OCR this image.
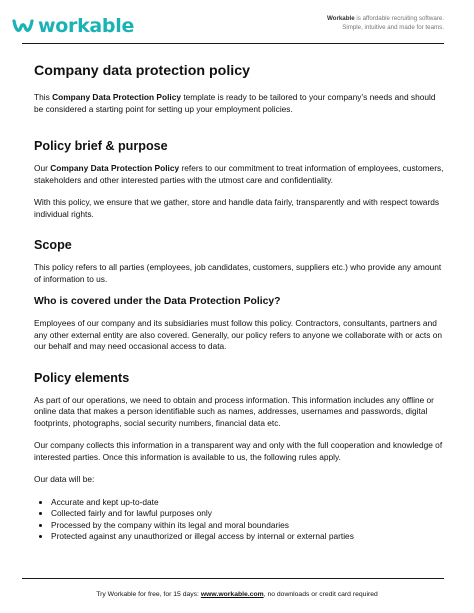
workable	Workable is affordable recruiting software.
Simple, intuitive and made for teams.
Company data protection policy

This Company Data Protection Policy template is ready to be tailored to your company’s needs and should be considered a starting point for setting up your employment policies.

Policy brief & purpose

Our Company Data Protection Policy refers to our commitment to treat information of employees, customers, stakeholders and other interested parties with the utmost care and confidentiality.

With this policy, we ensure that we gather, store and handle data fairly, transparently and with respect towards individual rights.

Scope

This policy refers to all parties (employees, job candidates, customers, suppliers etc.) who provide any amount of information to us.

Who is covered under the Data Protection Policy?

Employees of our company and its subsidiaries must follow this policy. Contractors, consultants, partners and any other external entity are also covered. Generally, our policy refers to anyone we collaborate with or acts on our behalf and may need occasional access to data.

Policy elements

As part of our operations, we need to obtain and process information. This information includes any offline or online data that makes a person identifiable such as names, addresses, usernames and passwords, digital footprints, photographs, social security numbers, financial data etc.

Our company collects this information in a transparent way and only with the full cooperation and knowledge of interested parties. Once this information is available to us, the following rules apply.

Our data will be:

• Accurate and kept up-to-date
• Collected fairly and for lawful purposes only
• Processed by the company within its legal and moral boundaries
• Protected against any unauthorized or illegal access by internal or external parties
Try Workable for free, for 15 days: www.workable.com, no downloads or credit card required
